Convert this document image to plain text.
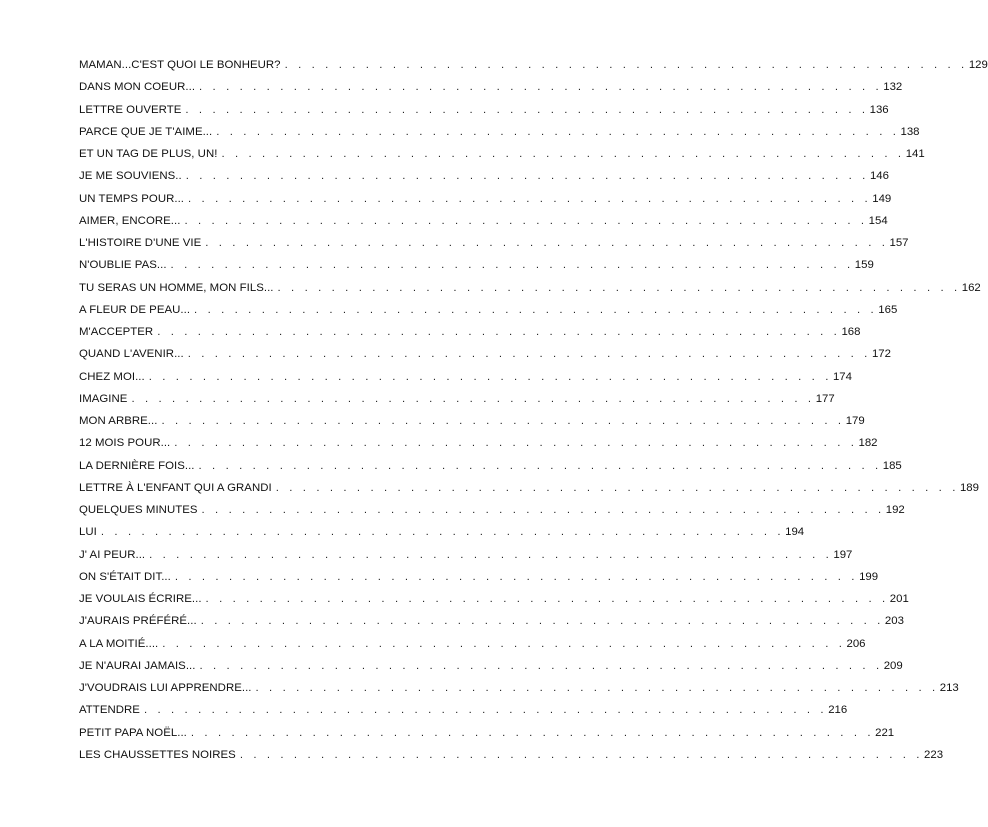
MAMAN...C'EST QUOI LE BONHEUR? . . . . . . . . . . . . . . . . . . . . . . . . . . . . . . . . . . . . . . . . . . . . . . . . . . . 129
DANS MON COEUR... . . . . . . . . . . . . . . . . . . . . . . . . . . . . . . . . . . . . . . . . . . . . . . . . . . . 132
LETTRE OUVERTE . . . . . . . . . . . . . . . . . . . . . . . . . . . . . . . . . . . . . . . . . . . . . . . . . . . 136
PARCE QUE JE T'AIME... . . . . . . . . . . . . . . . . . . . . . . . . . . . . . . . . . . . . . . . . . . . . . . . . . . . 138
ET UN TAG DE PLUS, UN! . . . . . . . . . . . . . . . . . . . . . . . . . . . . . . . . . . . . . . . . . . . . . . . . . . . 141
JE ME SOUVIENS.. . . . . . . . . . . . . . . . . . . . . . . . . . . . . . . . . . . . . . . . . . . . . . . . . . . . 146
UN TEMPS POUR... . . . . . . . . . . . . . . . . . . . . . . . . . . . . . . . . . . . . . . . . . . . . . . . . . . . 149
AIMER, ENCORE... . . . . . . . . . . . . . . . . . . . . . . . . . . . . . . . . . . . . . . . . . . . . . . . . . . . 154
L'HISTOIRE D'UNE VIE . . . . . . . . . . . . . . . . . . . . . . . . . . . . . . . . . . . . . . . . . . . . . . . . . . . 157
N'OUBLIE PAS... . . . . . . . . . . . . . . . . . . . . . . . . . . . . . . . . . . . . . . . . . . . . . . . . . . . 159
TU SERAS UN HOMME, MON FILS... . . . . . . . . . . . . . . . . . . . . . . . . . . . . . . . . . . . . . . . . . . . . . . . . . . . 162
A FLEUR DE PEAU... . . . . . . . . . . . . . . . . . . . . . . . . . . . . . . . . . . . . . . . . . . . . . . . . . . . 165
M'ACCEPTER . . . . . . . . . . . . . . . . . . . . . . . . . . . . . . . . . . . . . . . . . . . . . . . . . . . 168
QUAND L'AVENIR... . . . . . . . . . . . . . . . . . . . . . . . . . . . . . . . . . . . . . . . . . . . . . . . . . . . 172
CHEZ MOI... . . . . . . . . . . . . . . . . . . . . . . . . . . . . . . . . . . . . . . . . . . . . . . . . . . . 174
IMAGINE . . . . . . . . . . . . . . . . . . . . . . . . . . . . . . . . . . . . . . . . . . . . . . . . . . . 177
MON ARBRE... . . . . . . . . . . . . . . . . . . . . . . . . . . . . . . . . . . . . . . . . . . . . . . . . . . . 179
12 MOIS POUR... . . . . . . . . . . . . . . . . . . . . . . . . . . . . . . . . . . . . . . . . . . . . . . . . . . . 182
LA DERNIÈRE FOIS... . . . . . . . . . . . . . . . . . . . . . . . . . . . . . . . . . . . . . . . . . . . . . . . . . . . 185
LETTRE À L'ENFANT QUI A GRANDI . . . . . . . . . . . . . . . . . . . . . . . . . . . . . . . . . . . . . . . . . . . . . . . . . . . 189
QUELQUES MINUTES . . . . . . . . . . . . . . . . . . . . . . . . . . . . . . . . . . . . . . . . . . . . . . . . . . . 192
LUI . . . . . . . . . . . . . . . . . . . . . . . . . . . . . . . . . . . . . . . . . . . . . . . . . . . 194
J' AI PEUR... . . . . . . . . . . . . . . . . . . . . . . . . . . . . . . . . . . . . . . . . . . . . . . . . . . . 197
ON S'ÉTAIT DIT... . . . . . . . . . . . . . . . . . . . . . . . . . . . . . . . . . . . . . . . . . . . . . . . . . . . 199
JE VOULAIS ÉCRIRE... . . . . . . . . . . . . . . . . . . . . . . . . . . . . . . . . . . . . . . . . . . . . . . . . . . . 201
J'AURAIS PRÉFÉRÉ... . . . . . . . . . . . . . . . . . . . . . . . . . . . . . . . . . . . . . . . . . . . . . . . . . . . 203
A LA MOITIÉ.... . . . . . . . . . . . . . . . . . . . . . . . . . . . . . . . . . . . . . . . . . . . . . . . . . . . 206
JE N'AURAI JAMAIS... . . . . . . . . . . . . . . . . . . . . . . . . . . . . . . . . . . . . . . . . . . . . . . . . . . . 209
J'VOUDRAIS LUI APPRENDRE... . . . . . . . . . . . . . . . . . . . . . . . . . . . . . . . . . . . . . . . . . . . . . . . . . . . 213
ATTENDRE . . . . . . . . . . . . . . . . . . . . . . . . . . . . . . . . . . . . . . . . . . . . . . . . . . . 216
PETIT PAPA NOËL... . . . . . . . . . . . . . . . . . . . . . . . . . . . . . . . . . . . . . . . . . . . . . . . . . . . 221
LES CHAUSSETTES NOIRES . . . . . . . . . . . . . . . . . . . . . . . . . . . . . . . . . . . . . . . . . . . . . . . . . . . 223
